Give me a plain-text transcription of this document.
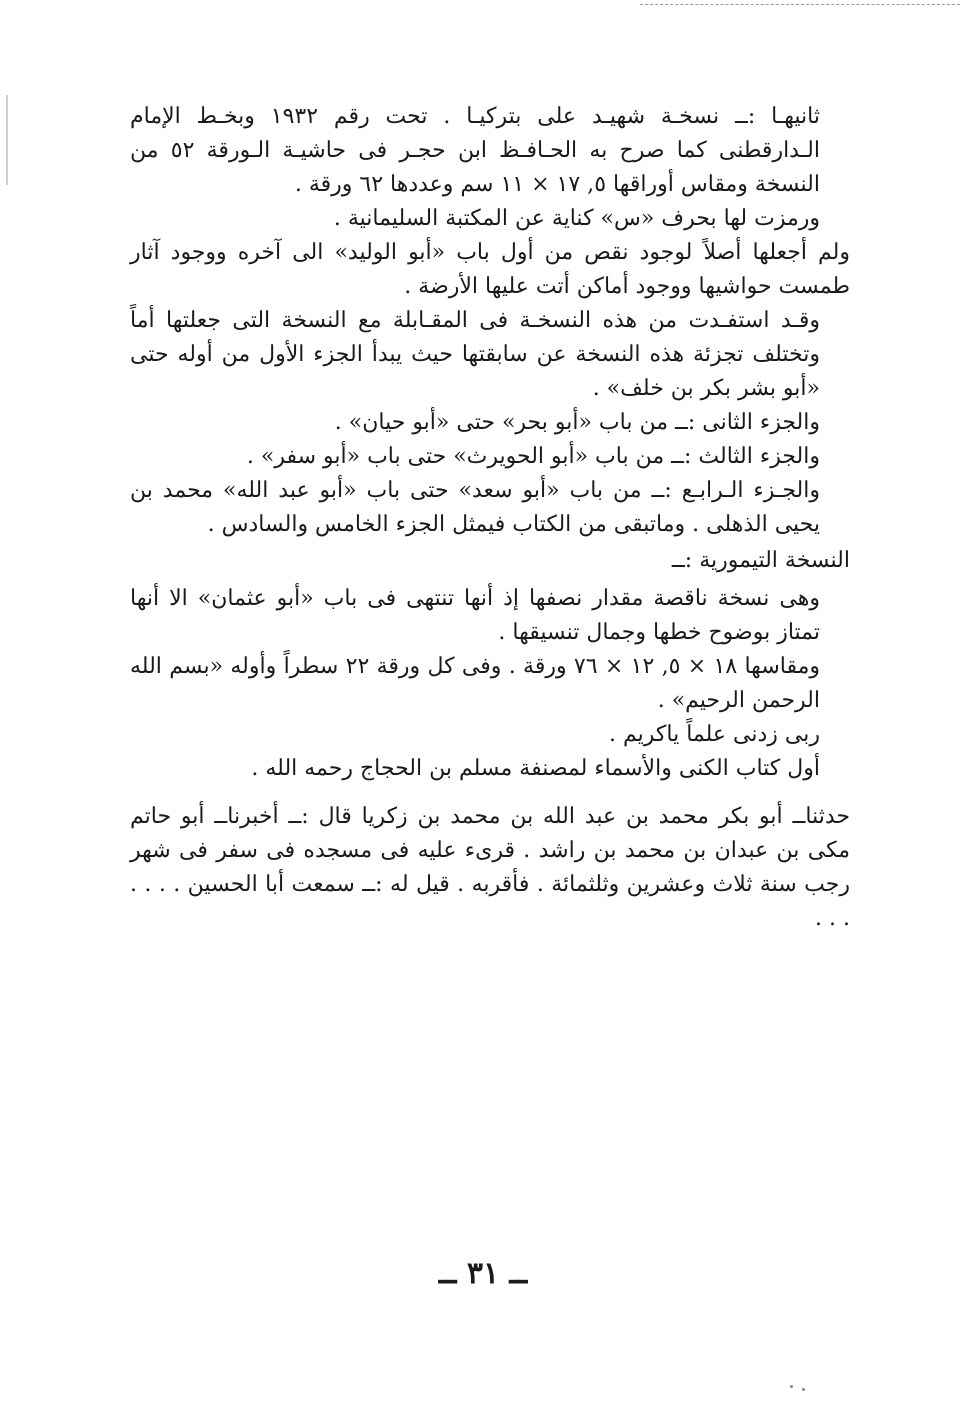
ثانيهـا :ــ نسخـة شهيـد على بتركيـا . تحت رقم ١٩٣٢ وبخـط الإمام الـدارقطنى كما صرح به الحـافـظ ابن حجـر فى حاشيـة الـورقة ٥٢ من النسخة ومقاس أوراقها ٥, ١٧ × ١١ سم وعددها ٦٢ ورقة .

ورمزت لها بحرف «س» كناية عن المكتبة السليمانية .

ولم أجعلها أصلاً لوجود نقص من أول باب «أبو الوليد» الى آخره ووجود آثار طمست حواشيها ووجود أماكن أتت عليها الأرضة .

وقـد استفـدت من هذه النسخـة فى المقـابلة مع النسخة التى جعلتها أماً وتختلف تجزئة هذه النسخة عن سابقتها حيث يبدأ الجزء الأول من أوله حتى «أبو بشر بكر بن خلف» .

والجزء الثانى :ــ من باب «أبو بحر» حتى «أبو حيان» .

والجزء الثالث :ــ من باب «أبو الحويرث» حتى باب «أبو سفر» .

والجـزء الـرابـع :ــ من باب «أبو سعد» حتى باب «أبو عبد الله» محمد بن يحيى الذهلى . وماتبقى من الكتاب فيمثل الجزء الخامس والسادس .

النسخة التيمورية :ــ

وهى نسخة ناقصة مقدار نصفها إذ أنها تنتهى فى باب «أبو عثمان» الا أنها تمتاز بوضوح خطها وجمال تنسيقها .

ومقاسها ١٨ × ٥, ١٢ × ٧٦ ورقة . وفى كل ورقة ٢٢ سطراً وأوله «بسم الله الرحمن الرحيم» .

ربى زدنى علماً ياكريم .

أول كتاب الكنى والأسماء لمصنفة مسلم بن الحجاج رحمه الله .

حدثناــ أبو بكر محمد بن عبد الله بن محمد بن زكريا قال :ــ أخبرناــ أبو حاتم مكى بن عبدان بن محمد بن راشد . قرىء عليه فى مسجده فى سفر فى شهر رجب سنة ثلاث وعشرين وثلثمائة . فأقربه . قيل له :ــ سمعت أبا الحسين . . . . . . .

ــ ٣١ ــ
